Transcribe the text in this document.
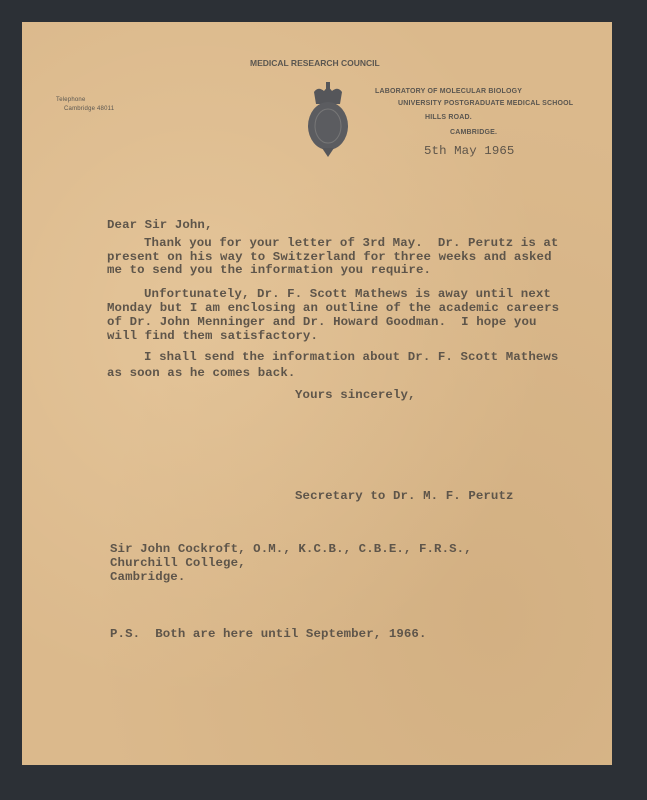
MEDICAL RESEARCH COUNCIL
Telephone
Cambridge 48011
LABORATORY OF MOLECULAR BIOLOGY
UNIVERSITY POSTGRADUATE MEDICAL SCHOOL
HILLS ROAD.
CAMBRIDGE.
5th May 1965
Dear Sir John,
Thank you for your letter of 3rd May.  Dr. Perutz is at
present on his way to Switzerland for three weeks and asked
me to send you the information you require.
Unfortunately, Dr. F. Scott Mathews is away until next
Monday but I am enclosing an outline of the academic careers
of Dr. John Menninger and Dr. Howard Goodman.  I hope you
will find them satisfactory.
I shall send the information about Dr. F. Scott Mathews
as soon as he comes back.
Yours sincerely,
Secretary to Dr. M. F. Perutz
Sir John Cockroft, O.M., K.C.B., C.B.E., F.R.S.,
Churchill College,
Cambridge.
P.S.  Both are here until September, 1966.
